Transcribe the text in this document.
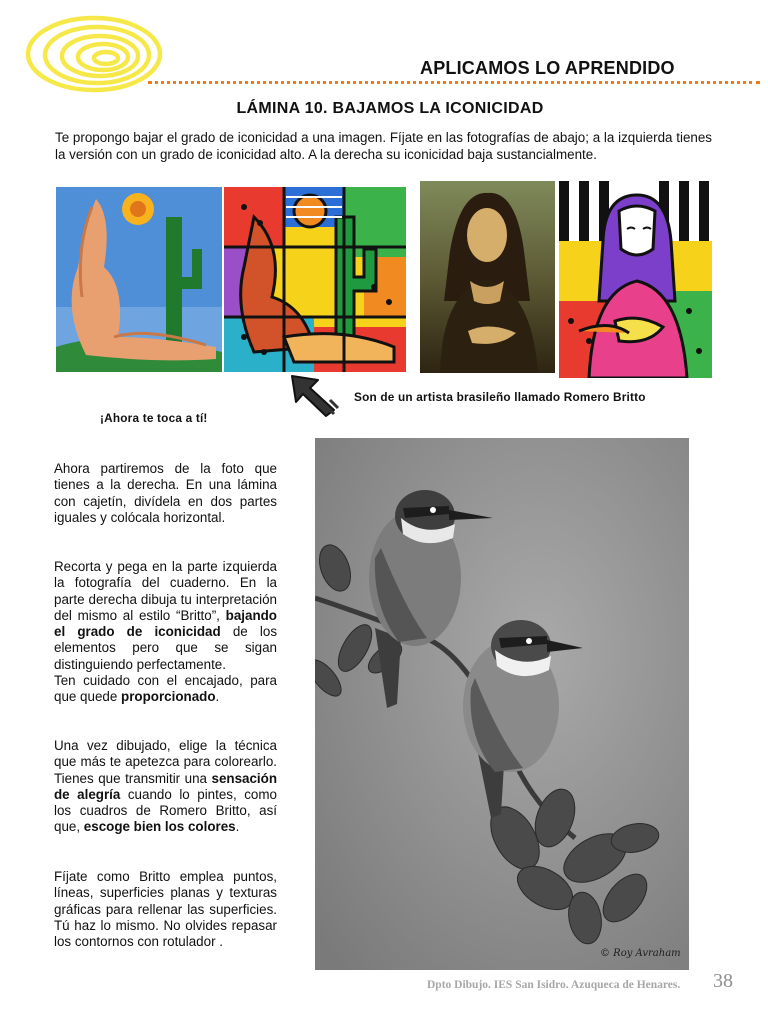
APLICAMOS LO APRENDIDO
LÁMINA 10. BAJAMOS LA ICONICIDAD
Te propongo bajar el grado de iconicidad a una imagen. Fíjate en las fotografías de abajo; a la izquierda tienes la versión con un grado de iconicidad alto. A la derecha su iconicidad baja sustancialmente.
Son de un artista brasileño llamado Romero Britto
¡Ahora te toca a tí!
Ahora partiremos de la foto que tienes a la derecha. En una lámina con cajetín, divídela en dos partes iguales y colócala horizontal.
Recorta y pega en la parte izquierda la fotografía del cuaderno. En la parte derecha dibuja tu interpretación del mismo al estilo “Britto”, bajando el grado de iconicidad de los elementos pero que se sigan distinguiendo perfectamente.
Ten cuidado con el encajado, para que quede proporcionado.
Una vez dibujado, elige la técnica que más te apetezca para colorearlo. Tienes que transmitir una sensación de alegría cuando lo pintes, como los cuadros de Romero Britto, así que, escoge bien los colores.
Fíjate como Britto emplea puntos, líneas, superficies planas y texturas gráficas para rellenar las superficies. Tú haz lo mismo. No olvides repasar los contornos con rotulador .
© Roy Avraham
Dpto Dibujo. IES San Isidro. Azuqueca de Henares.	38
